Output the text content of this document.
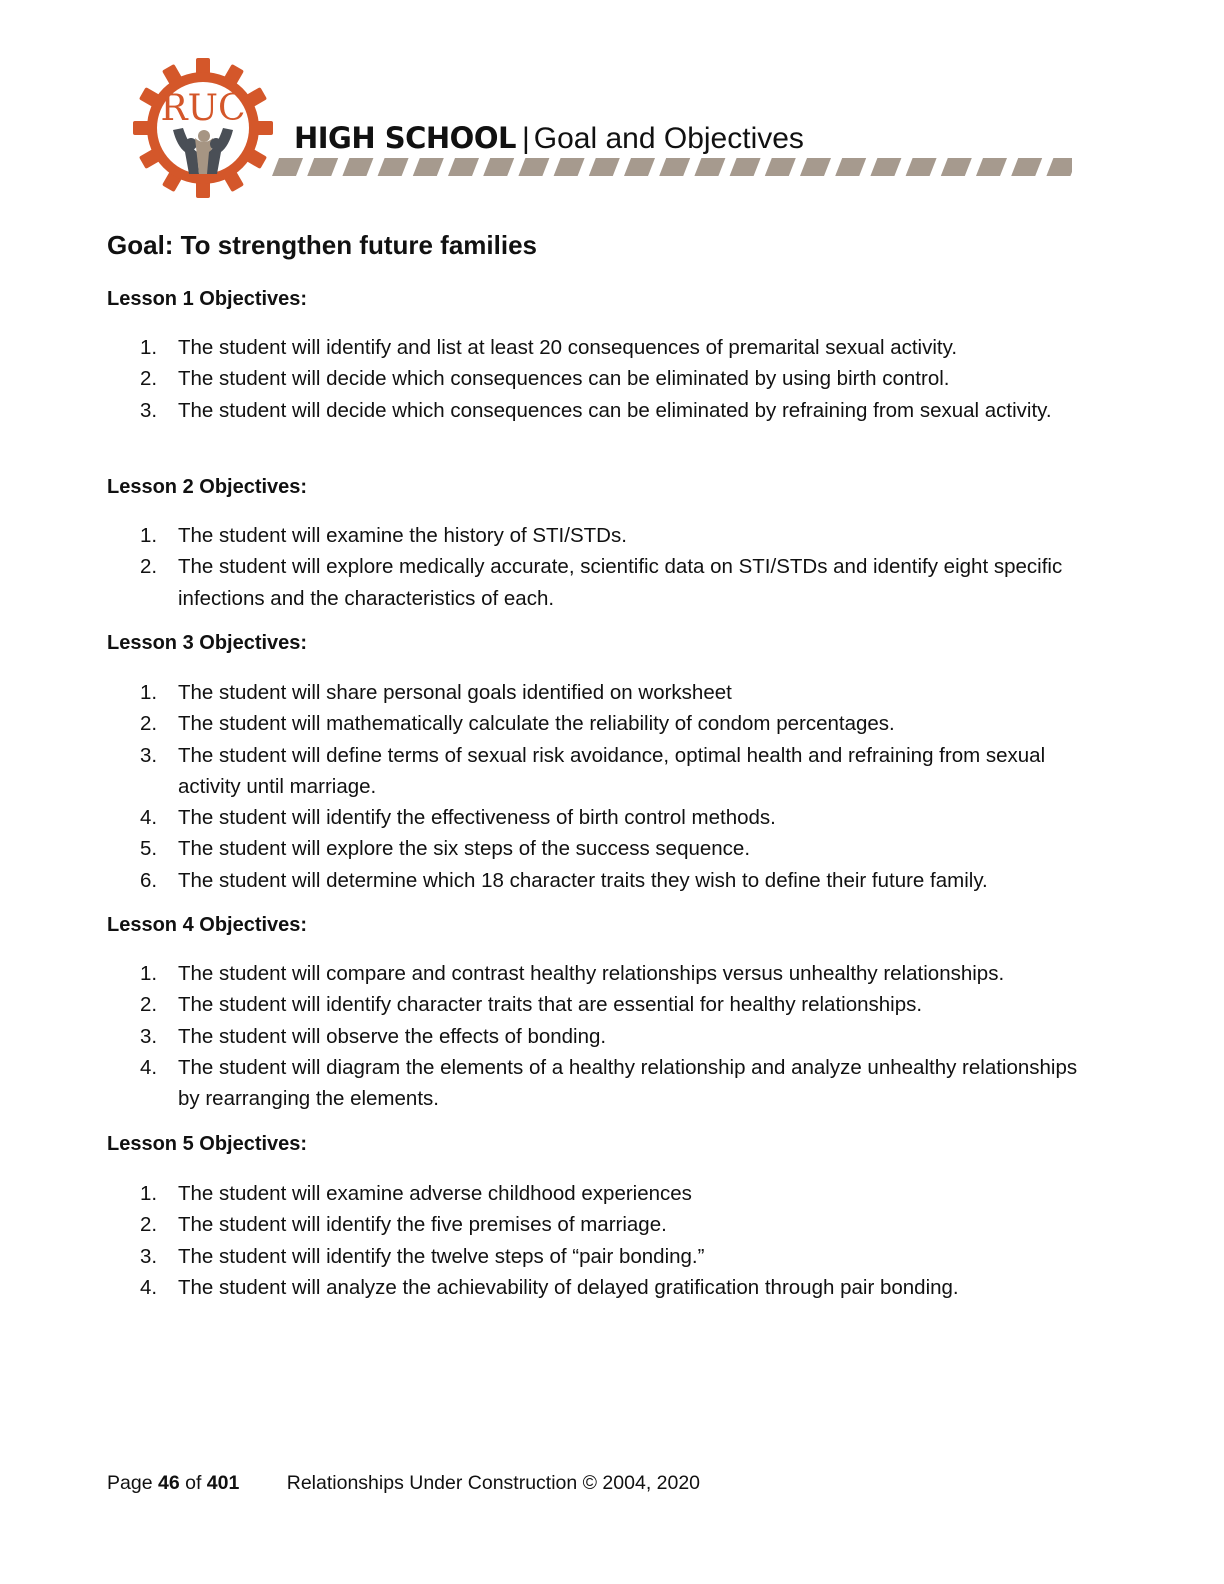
RUC
HIGH SCHOOL | Goal and Objectives
Goal: To strengthen future families
Lesson 1 Objectives:
1.	The student will identify and list at least 20 consequences of premarital sexual activity.
2.	The student will decide which consequences can be eliminated by using birth control.
3.	The student will decide which consequences can be eliminated by refraining from sexual activity.
Lesson 2 Objectives:
1.	The student will examine the history of STI/STDs.
2.	The student will explore medically accurate, scientific data on STI/STDs and identify eight specific infections and the characteristics of each.
Lesson 3 Objectives:
1.	The student will share personal goals identified on worksheet
2.	The student will mathematically calculate the reliability of condom percentages.
3.	The student will define terms of sexual risk avoidance, optimal health and refraining from sexual activity until marriage.
4.	The student will identify the effectiveness of birth control methods.
5.	The student will explore the six steps of the success sequence.
6.	The student will determine which 18 character traits they wish to define their future family.
Lesson 4 Objectives:
1.	The student will compare and contrast healthy relationships versus unhealthy relationships.
2.	The student will identify character traits that are essential for healthy relationships.
3.	The student will observe the effects of bonding.
4.	The student will diagram the elements of a healthy relationship and analyze unhealthy relationships by rearranging the elements.
Lesson 5 Objectives:
1.	The student will examine adverse childhood experiences
2.	The student will identify the five premises of marriage.
3.	The student will identify the twelve steps of “pair bonding.”
4.	The student will analyze the achievability of delayed gratification through pair bonding.
Page 46 of 401 Relationships Under Construction © 2004, 2020
